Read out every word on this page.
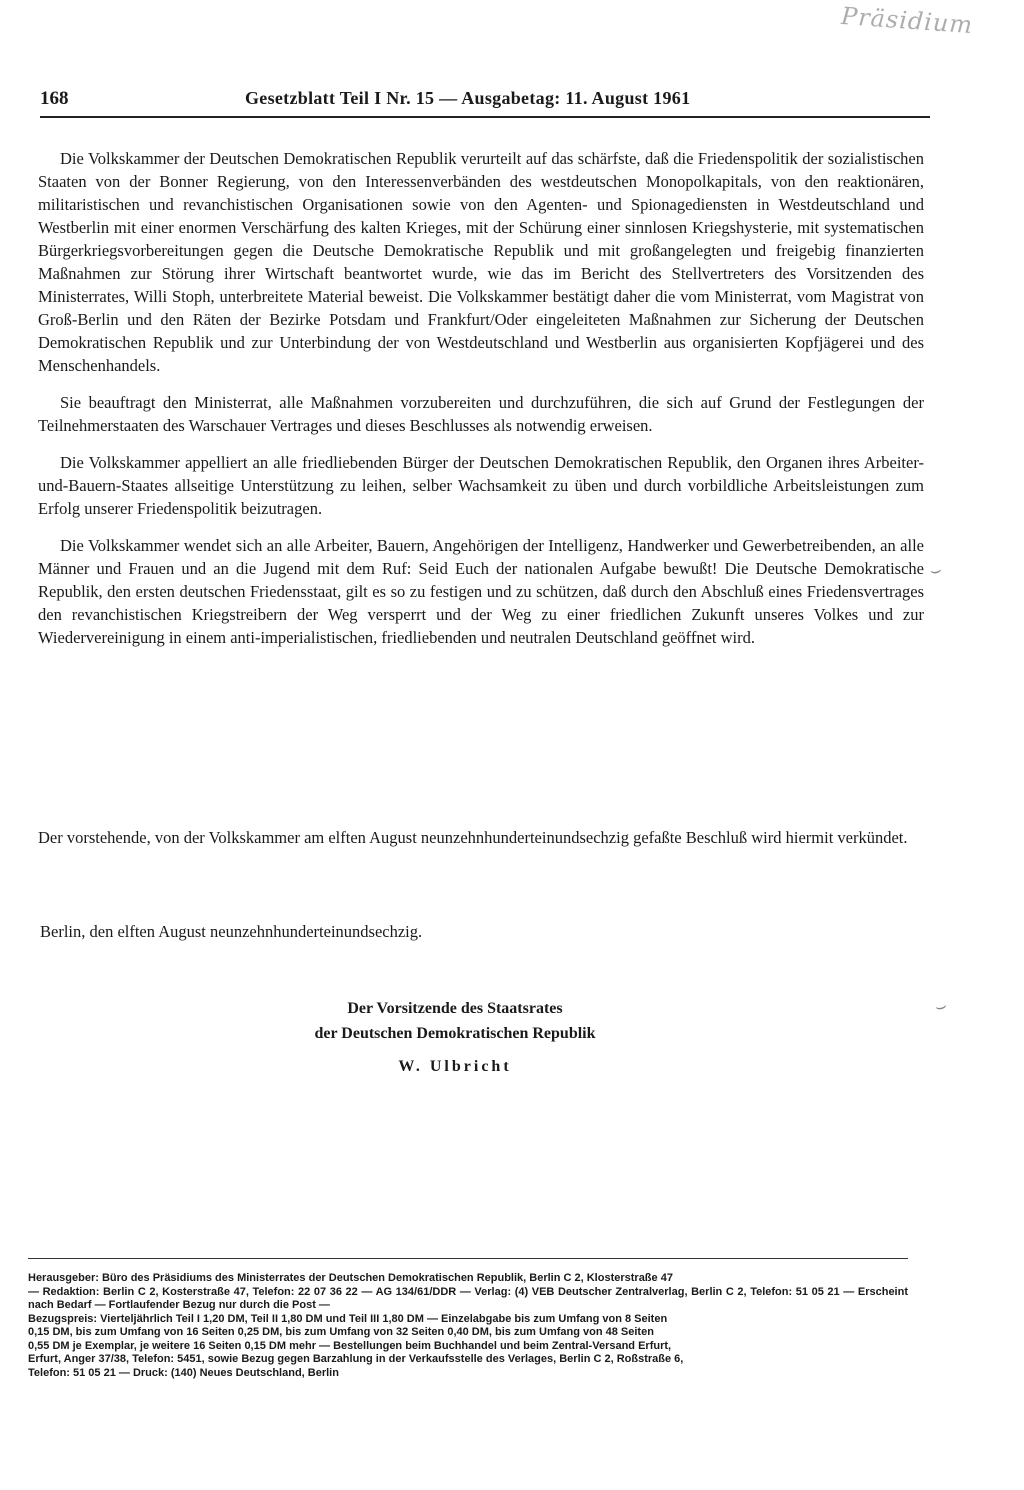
Präsidium
168	Gesetzblatt Teil I Nr. 15 — Ausgabetag: 11. August 1961

Die Volkskammer der Deutschen Demokratischen Republik verurteilt auf das schärfste, daß die Friedenspolitik der sozialistischen Staaten von der Bonner Regierung, von den Interessenverbänden des westdeutschen Monopolkapitals, von den reaktionären, militaristischen und revanchistischen Organisationen sowie von den Agenten- und Spionagediensten in Westdeutschland und Westberlin mit einer enormen Verschärfung des kalten Krieges, mit der Schürung einer sinnlosen Kriegshysterie, mit systematischen Bürgerkriegsvorbereitungen gegen die Deutsche Demokratische Republik und mit großangelegten und freigebig finanzierten Maßnahmen zur Störung ihrer Wirtschaft beantwortet wurde, wie das im Bericht des Stellvertreters des Vorsitzenden des Ministerrates, Willi Stoph, unterbreitete Material beweist. Die Volkskammer bestätigt daher die vom Ministerrat, vom Magistrat von Groß-Berlin und den Räten der Bezirke Potsdam und Frankfurt/Oder eingeleiteten Maßnahmen zur Sicherung der Deutschen Demokratischen Republik und zur Unterbindung der von Westdeutschland und Westberlin aus organisierten Kopfjägerei und des Menschenhandels.

Sie beauftragt den Ministerrat, alle Maßnahmen vorzubereiten und durchzuführen, die sich auf Grund der Festlegungen der Teilnehmerstaaten des Warschauer Vertrages und dieses Beschlusses als notwendig erweisen.

Die Volkskammer appelliert an alle friedliebenden Bürger der Deutschen Demokratischen Republik, den Organen ihres Arbeiter-und-Bauern-Staates allseitige Unterstützung zu leihen, selber Wachsamkeit zu üben und durch vorbildliche Arbeitsleistungen zum Erfolg unserer Friedenspolitik beizutragen.

Die Volkskammer wendet sich an alle Arbeiter, Bauern, Angehörigen der Intelligenz, Handwerker und Gewerbetreibenden, an alle Männer und Frauen und an die Jugend mit dem Ruf: Seid Euch der nationalen Aufgabe bewußt! Die Deutsche Demokratische Republik, den ersten deutschen Friedensstaat, gilt es so zu festigen und zu schützen, daß durch den Abschluß eines Friedensvertrages den revanchistischen Kriegstreibern der Weg versperrt und der Weg zu einer friedlichen Zukunft unseres Volkes und zur Wiedervereinigung in einem anti-imperialistischen, friedliebenden und neutralen Deutschland geöffnet wird.

Der vorstehende, von der Volkskammer am elften August neunzehnhunderteinundsechzig gefaßte Beschluß wird hiermit verkündet.

Berlin, den elften August neunzehnhunderteinundsechzig.
Der Vorsitzende des Staatsrates
der Deutschen Demokratischen Republik
W. Ulbricht
⌣
⌣

Herausgeber: Büro des Präsidiums des Ministerrates der Deutschen Demokratischen Republik, Berlin C 2, Klosterstraße 47

— Redaktion: Berlin C 2, Kosterstraße 47, Telefon: 22 07 36 22 — AG 134/61/DDR — Verlag: (4) VEB Deutscher Zentralverlag, Berlin C 2, Telefon: 51 05 21 — Erscheint nach Bedarf — Fortlaufender Bezug nur durch die Post —

Bezugspreis: Vierteljährlich Teil I 1,20 DM, Teil II 1,80 DM und Teil III 1,80 DM — Einzelabgabe bis zum Umfang von 8 Seiten

0,15 DM, bis zum Umfang von 16 Seiten 0,25 DM, bis zum Umfang von 32 Seiten 0,40 DM, bis zum Umfang von 48 Seiten

0,55 DM je Exemplar, je weitere 16 Seiten 0,15 DM mehr — Bestellungen beim Buchhandel und beim Zentral-Versand Erfurt,

Erfurt, Anger 37/38, Telefon: 5451, sowie Bezug gegen Barzahlung in der Verkaufsstelle des Verlages, Berlin C 2, Roßstraße 6,

Telefon: 51 05 21 — Druck: (140) Neues Deutschland, Berlin
